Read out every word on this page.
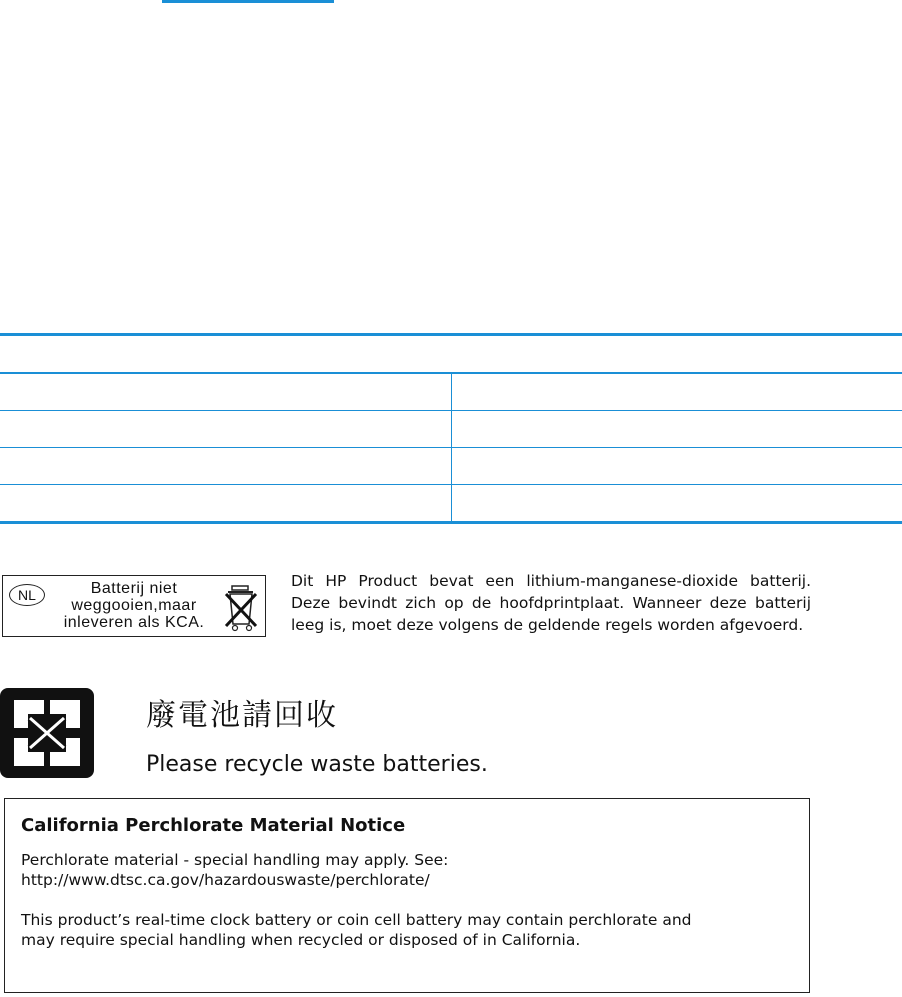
NL	Batterij niet
weggooien,maar
inleveren als KCA.
Dit HP Product bevat een lithium-manganese-dioxide batterij. Deze bevindt zich op de hoofdprintplaat. Wanneer deze batterij leeg is, moet deze volgens de geldende regels worden afgevoerd.
廢電池請回收
Please recycle waste batteries.
California Perchlorate Material Notice
Perchlorate material - special handling may apply. See:
http://www.dtsc.ca.gov/hazardouswaste/perchlorate/
This product’s real-time clock battery or coin cell battery may contain perchlorate and
may require special handling when recycled or disposed of in California.
